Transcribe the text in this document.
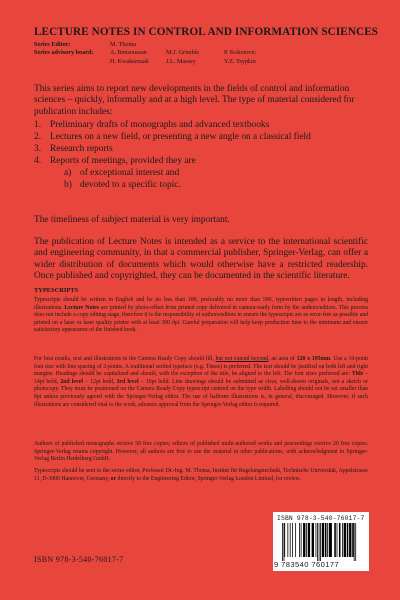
LECTURE NOTES IN CONTROL AND INFORMATION SCIENCES
Series Editor:	M. Thoma
Series advisory board:	A. Bensoussan	M.J. Grimble	P. Kokotovic
H. Kwakernaak	J.L. Massey	Y.Z. Tsypkin

This series aims to report new developments in the fields of control and information sciences – quickly, informally and at a high level. The type of material considered for publication includes:

1. Preliminary drafts of monographs and advanced textbooks
2. Lectures on a new field, or presenting a new angle on a classical field
3. Research reports
4. Reports of meetings, provided they are
a) of exceptional interest and
b) devoted to a specific topic.
The timeliness of subject material is very important.

The publication of Lecture Notes is intended as a service to the international scientific and engineering community, in that a commercial publisher, Springer-Verlag, can offer a wider distribution of documents which would otherwise have a restricted readership. Once published and copyrighted, they can be documented in the scientific literature.

TYPESCRIPTS

Typescripts should be written in English and be no less than 100, preferably no more than 500, typewritten pages in length, including illustrations. Lecture Notes are printed by photo-offset from printed copy delivered in camera-ready form by the authors/editors. This process does not include a copy editing stage, therefore it is the responsibility of authors/editors to ensure the typescripts are as error-free as possible and printed on a laser or laser quality printer with at least 300 dpi. Careful preparation will help keep production time to the minimum and ensure satisfactory appearance of the finished book.

For best results, text and illustrations in the Camera Ready Copy should fill, but not extend beyond, an area of 120 x 195mm. Use a 10-point font size with line spacing of 2-points. A traditional serifed typeface (e.g. Times) is preferred. The text should be justified on both left and right margins. Headings should be capitalized and should, with the exception of the title, be aligned to the left. The font sizes preferred are: Title – 14pt bold, 2nd level – 12pt bold, 3rd level – 10pt bold. Line drawings should be submitted as clear, well-drawn originals, not a sketch or photocopy. They must be positioned on the Camera Ready Copy typescript centred on the type width. Labelling should not be set smaller than 8pt unless previously agreed with the Springer-Verlag editor. The use of halftone illustrations is, in general, discouraged. However, if such illustrations are considered vital to the work, advance approval from the Springer-Verlag editor is required.

Authors of published monographs receive 50 free copies; editors of published multi-authored works and proceedings receive 20 free copies. Springer-Verlag retains copyright. However, all authors are free to use the material in other publications, with acknowledgment to Springer-Verlag Berlin Heidelberg GmbH.

Typescripts should be sent to the series editor, Professor Dr.-Ing. M. Thoma, Institut für Regelungstechnik, Technische Universität, Appelstrasse 11, D-3000 Hannover, Germany, or directly to the Engineering Editor, Springer-Verlag London Limited, for review.

ISBN 978-3-540-76017-7
ISBN 978-3-540-76017-7
9 783540 760177
